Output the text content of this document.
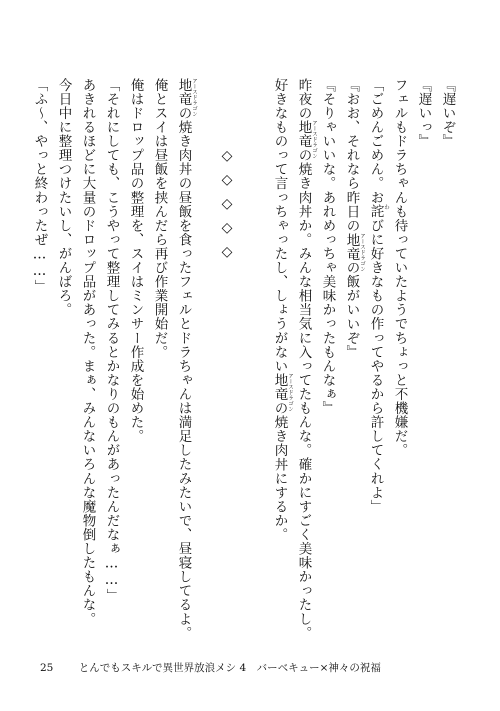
『遅いぞ』
『遅いっ』
フェルもドラちゃんも待っていたようでちょっと不機嫌だ。
「ごめんごめん。お詫 わ
びに好きなもの作ってやるから許してくれよ」
『おお、それなら昨日の地竜 アースドラゴン
の飯がいいぞ』
『そりゃいいな。あれめっちゃ美味かったもんなぁ』
昨夜の地竜 アースドラゴン
の焼き肉丼か。みんな相当気に入ってたもんな。確かにすごく美味かったし。
好きなものって言っちゃったし、しょうがない地竜 アースドラゴン
の焼き肉丼にするか。
地竜 アースドラゴン
の焼き肉丼の昼飯を食ったフェルとドラちゃんは満足したみたいで、昼寝してるよ。
俺とスイは昼飯を挟んだら再び作業開始だ。
俺はドロップ品の整理を、スイはミンサー作成を始めた。
「それにしても、こうやって整理してみるとかなりのもんがあったんだなぁ……」
あきれるほどに大量のドロップ品があった。まぁ、みんないろんな魔物倒したもんな。
今日中に整理つけたいし、がんばろ。
「ふ〜、やっと終わったぜ……」	◇
◇
◇
◇
◇
25 とんでもスキルで異世界放浪メシ 4　バーベキュー×神々の祝福
